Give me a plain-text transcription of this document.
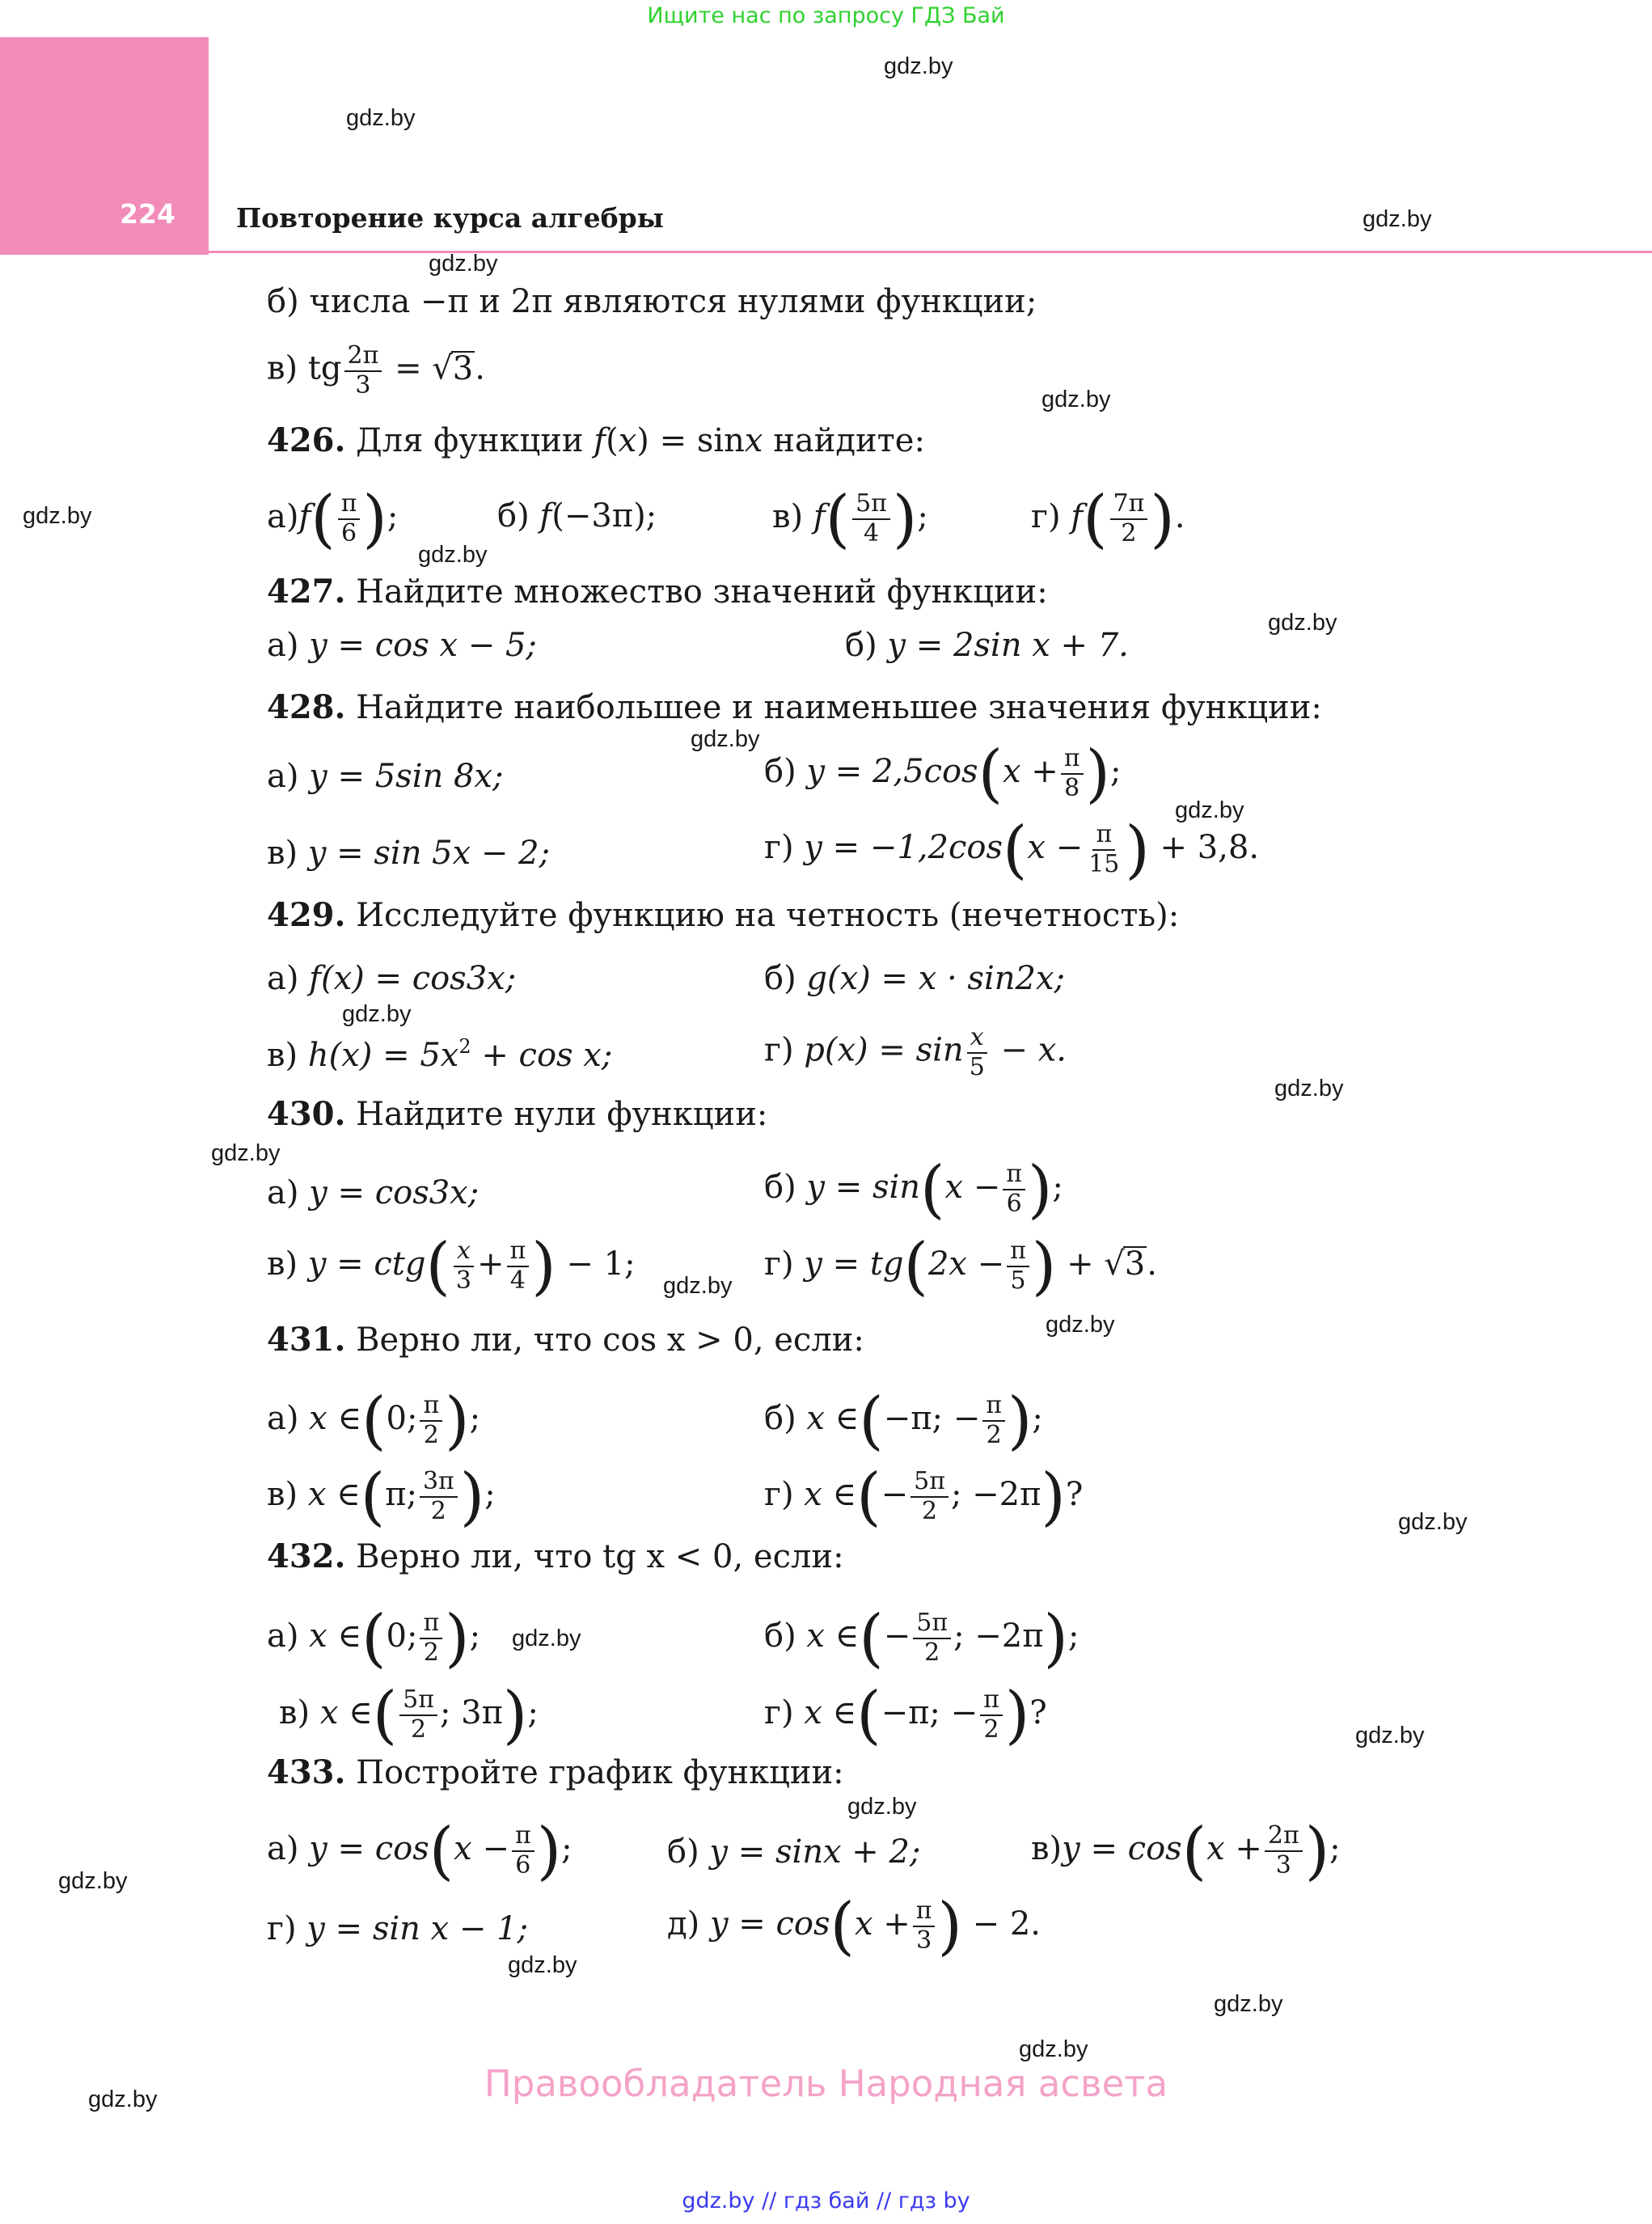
Ищите нас по запросу ГДЗ Бай
224	Повторение курса алгебры
gdz.by
gdz.by
gdz.by
gdz.by
gdz.by
gdz.by
gdz.by
gdz.by
gdz.by
gdz.by
gdz.by
gdz.by
gdz.by
gdz.by
gdz.by
gdz.by
gdz.by
gdz.by
gdz.by
gdz.by
gdz.by
gdz.by
gdz.by
gdz.by
б) числа −π и 2π являются нулями функции;
в) tg $\frac{2\pi}{3} = √3$.
426. Для функции f(x) = sinx найдите:
$а)f( \frac{\pi}{6}$ );	б) f(−3π);	в) $f( \frac{5\pi}{4}$ );	г) $f( \frac{7\pi}{2}$ ).
427. Найдите множество значений функции:
а) y = cos x − 5;	б) y = 2sin x + 7.
428. Найдите наибольшее и наименьшее значения функции:
а) y = 5sin 8x;	б) $y = 2,5\cos(x + \frac{\pi}{8}$ );
в) y = sin 5x − 2;	г) $y = -1,2\cos(x - \frac{\pi}{15}$ ) + 3,8.
429. Исследуйте функцию на четность (нечетность):
а) f(x) = cos3x;	б) g(x) = x · sin2x;
в) $h(x) = 5x^2 + \cos x$;	г) $p(x) = \sin \frac{x}{5} - x$.
430. Найдите нули функции:
а) y = cos3x;	б) $y = \sin(x - \frac{\pi}{6}$ );
в) $y = ctg( \frac{x}{3} + \frac{\pi}{4}$ ) − 1;	г) $y = tg(2x - \frac{\pi}{5}$ ) + √3.
431. Верно ли, что cos x > 0, если:
а) x ∈(0; $\frac{\pi}{2}$ );	б) x ∈(−π; − $\frac{\pi}{2}$ );
в) x ∈(π; $\frac{3\pi}{2}$ );	г) x ∈(− $\frac{5\pi}{2}$ ; −2π)?
432. Верно ли, что tg x < 0, если:
а) x ∈(0; $\frac{\pi}{2}$ );	б) x ∈(− $\frac{5\pi}{2}$ ; −2π);
в) x ∈( $\frac{5\pi}{2}$ ; 3π);	г) x ∈(−π; − $\frac{\pi}{2}$ )?
433. Постройте график функции:
а) $y = \cos(x - \frac{\pi}{6}$ );	б) y = sinx + 2;	$в)y = \cos(x + \frac{2\pi}{3}$ );
г) y = sin x − 1;	д) $y = \cos(x + \frac{\pi}{3}$ ) − 2.
Правообладатель Народная асвета
gdz.by // гдз бай // гдз by
